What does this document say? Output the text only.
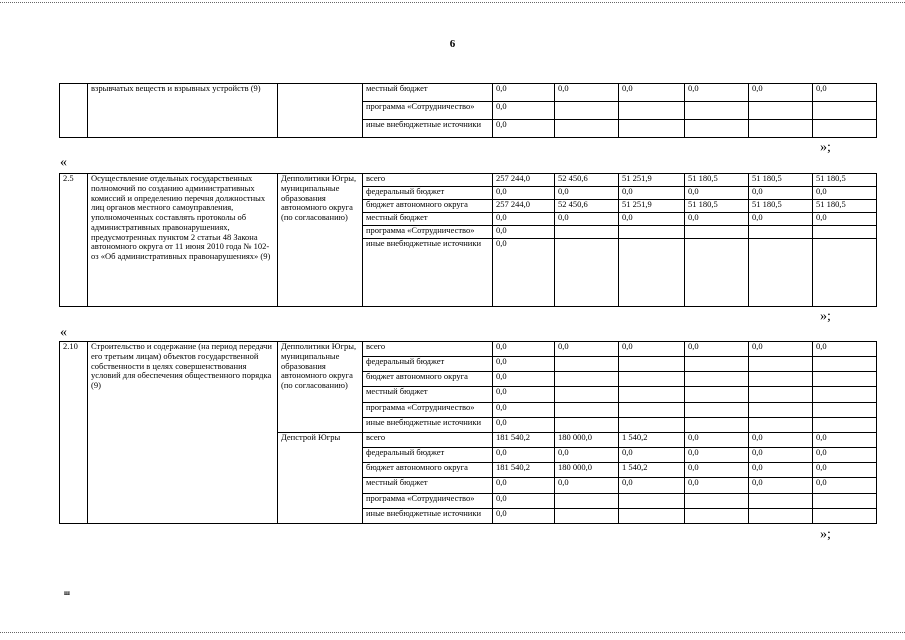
6
	взрывчатых веществ и взрывных устройств (9)		местный бюджет	0,0	0,0	0,0	0,0	0,0	0,0
			программа «Сотрудничество»	0,0					
			иные внебюджетные источники	0,0					
»;
«
2.5	Осуществление отдельных государственных полномочий по созданию административных комиссий и определению перечня должностных лиц органов местного самоуправления, уполномоченных составлять протоколы об административных правонарушениях, предусмотренных пунктом 2 статьи 48 Закона автономного округа от 11 июня 2010 года № 102-оз «Об административных правонарушениях» (9)	Депполитики Югры, муниципальные образования автономного округа (по согласованию)	всего	257 244,0	52 450,6	51 251,9	51 180,5	51 180,5	51 180,5
			федеральный бюджет	0,0	0,0	0,0	0,0	0,0	0,0
			бюджет автономного округа	257 244,0	52 450,6	51 251,9	51 180,5	51 180,5	51 180,5
			местный бюджет	0,0	0,0	0,0	0,0	0,0	0,0
			программа «Сотрудничество»	0,0					
			иные внебюджетные источники	0,0					
»;
«
2.10	Строительство и содержание (на период передачи его третьим лицам) объектов государственной собственности в целях совершенствования условий для обеспечения общественного порядка (9)	Депполитики Югры, муниципальные образования автономного округа (по согласованию)	всего	0,0	0,0	0,0	0,0	0,0	0,0
			федеральный бюджет	0,0					
			бюджет автономного округа	0,0					
			местный бюджет	0,0					
			программа «Сотрудничество»	0,0					
			иные внебюджетные источники	0,0					
		Депстрой Югры	всего	181 540,2	180 000,0	1 540,2	0,0	0,0	0,0
			федеральный бюджет	0,0	0,0	0,0	0,0	0,0	0,0
			бюджет автономного округа	181 540,2	180 000,0	1 540,2	0,0	0,0	0,0
			местный бюджет	0,0	0,0	0,0	0,0	0,0	0,0
			программа «Сотрудничество»	0,0					
			иные внебюджетные источники	0,0					
»;
ш
